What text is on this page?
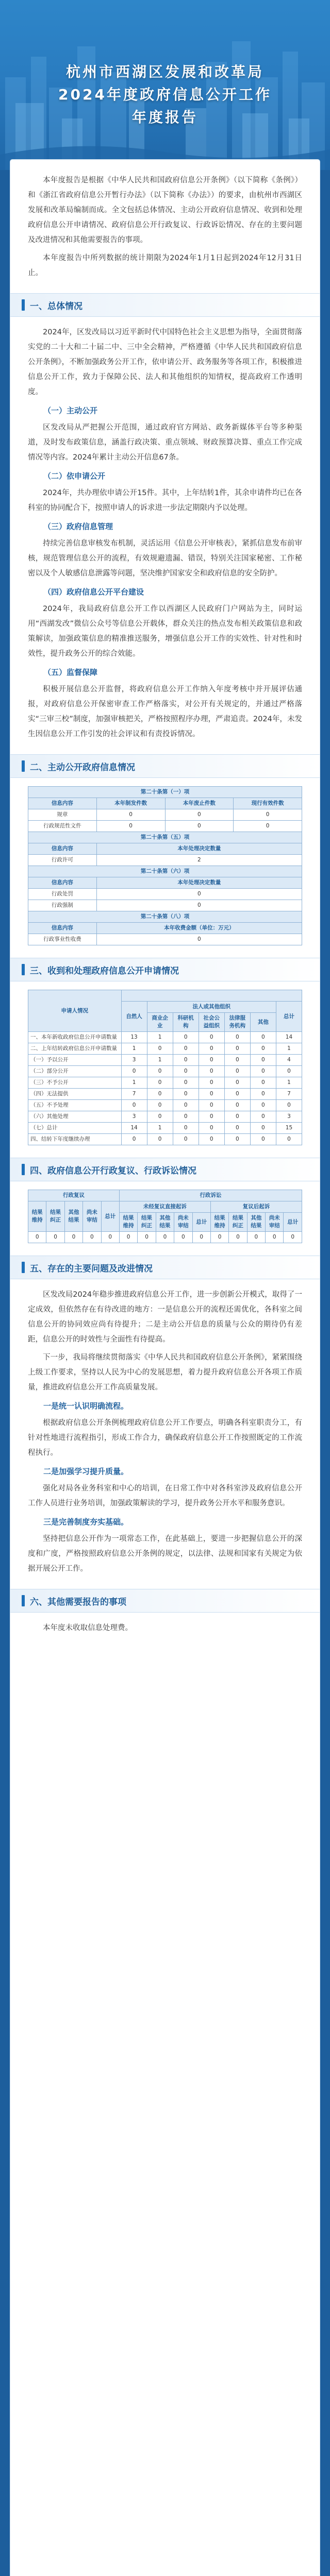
杭州市西湖区发展和改革局
2024年度政府信息公开工作
年度报告

本年度报告是根据《中华人民共和国政府信息公开条例》（以下简称《条例》）和《浙江省政府信息公开暂行办法》（以下简称《办法》）的要求，由杭州市西湖区发展和改革局编制而成。全文包括总体情况、主动公开政府信息情况、收到和处理政府信息公开申请情况、政府信息公开行政复议、行政诉讼情况、存在的主要问题及改进情况和其他需要报告的事项。

本年度报告中所列数据的统计期限为2024年1月1日起到2024年12月31日止。

一、总体情况

2024年，区发改局以习近平新时代中国特色社会主义思想为指导，全面贯彻落实党的二十大和二十届二中、三中全会精神，严格遵循《中华人民共和国政府信息公开条例》，不断加强政务公开工作，依申请公开、政务服务等各项工作，积极推进信息公开工作，致力于保障公民、法人和其他组织的知情权，提高政府工作透明度。

（一）主动公开

区发改局从严把握公开范围，通过政府官方网站、政务新媒体平台等多种渠道，及时发布政策信息，涵盖行政决策、重点领域、财政预算决算、重点工作完成情况等内容。2024年累计主动公开信息67条。

（二）依申请公开

2024年，共办理依申请公开15件。其中，上年结转1件，其余申请件均已在各科室的协同配合下，按照申请人的诉求进一步法定期限内予以处理。

（三）政府信息管理

持续完善信息审核发布机制，灵活运用《信息公开审核表》，紧抓信息发布前审核，规范管理信息公开的流程，有效规避遗漏、错误，特别关注国家秘密、工作秘密以及个人敏感信息泄露等问题，坚决维护国家安全和政府信息的安全防护。

（四）政府信息公开平台建设

2024年，我局政府信息公开工作以西湖区人民政府门户网站为主，同时运用“西湖发改”微信公众号等信息公开载体，群众关注的热点发布相关政策信息和政策解读，加强政策信息的精准推送服务，增强信息公开工作的实效性、针对性和时效性，提升政务公开的综合效能。

（五）监督保障

积极开展信息公开监督，将政府信息公开工作纳入年度考核中并开展评估通报，对政府信息公开保密审查工作严格落实，对公开有关规定的，并通过严格落实“三审三校”制度，加强审核把关，严格按照程序办理，严肃追责。2024年，未发生因信息公开工作引发的社会评议和有责投诉情况。

二、主动公开政府信息情况
第二十条第（一）项			
信息内容	本年制发件数	本年废止件数	现行有效件数
规章	0	0	0
行政规范性文件	0	0	0
第二十条第（五）项			
信息内容	本年处理决定数量		
行政许可	2		
第二十条第（六）项			
信息内容	本年处理决定数量		
行政处罚	0		
行政强制	0		
第二十条第（八）项			
信息内容	本年收费金额（单位：万元）		
行政事业性收费	0		
三、收到和处理政府信息公开申请情况
申请人情况							
	自然人	法人或其他组织					总计
		商业企业	科研机构	社会公益组织	法律服务机构	其他	
一、本年新收政府信息公开申请数量	13	1	0	0	0	0	14
二、上年结转政府信息公开申请数量	1	0	0	0	0	0	1
（一）予以公开	3	1	0	0	0	0	4
（二）部分公开	0	0	0	0	0	0	0
（三）不予公开	1	0	0	0	0	0	1
（四）无法提供	7	0	0	0	0	0	7
（五）不予处理	0	0	0	0	0	0	0
（六）其他处理	3	0	0	0	0	0	3
（七）总计	14	1	0	0	0	0	15
四、结转下年度继续办理	0	0	0	0	0	0	0
四、政府信息公开行政复议、行政诉讼情况
行政复议					行政诉讼									
结果维持	结果纠正	其他结果	尚未审结	总计	未经复议直接起诉					复议后起诉				
					结果维持	结果纠正	其他结果	尚未审结	总计	结果维持	结果纠正	其他结果	尚未审结	总计
0	0	0	0	0	0	0	0	0	0	0	0	0	0	0
五、存在的主要问题及改进情况

区发改局2024年稳步推进政府信息公开工作，进一步创新公开模式，取得了一定成效，但依然存在有待改进的地方：一是信息公开的流程还需优化，各科室之间信息公开的协同效应尚有待提升；二是主动公开信息的质量与公众的期待仍有差距，信息公开的时效性与全面性有待提高。

下一步，我局将继续贯彻落实《中华人民共和国政府信息公开条例》，紧紧围绕上级工作要求，坚持以人民为中心的发展思想，着力提升政府信息公开各项工作质量，推进政府信息公开工作高质量发展。

一是统一认识明确流程。

根据政府信息公开条例梳理政府信息公开工作要点，明确各科室职责分工，有针对性地进行流程指引，形成工作合力，确保政府信息公开工作按照既定的工作流程执行。

二是加强学习提升质量。

强化对局各业务科室和中心的培训，在日常工作中对各科室涉及政府信息公开工作人员进行业务培训，加强政策解读的学习，提升政务公开水平和服务意识。

三是完善制度夯实基础。

坚持把信息公开作为一项常态工作，在此基础上，要进一步把握信息公开的深度和广度，严格按照政府信息公开条例的规定，以法律、法规和国家有关规定为依据开展公开工作。

六、其他需要报告的事项

本年度未收取信息处理费。
